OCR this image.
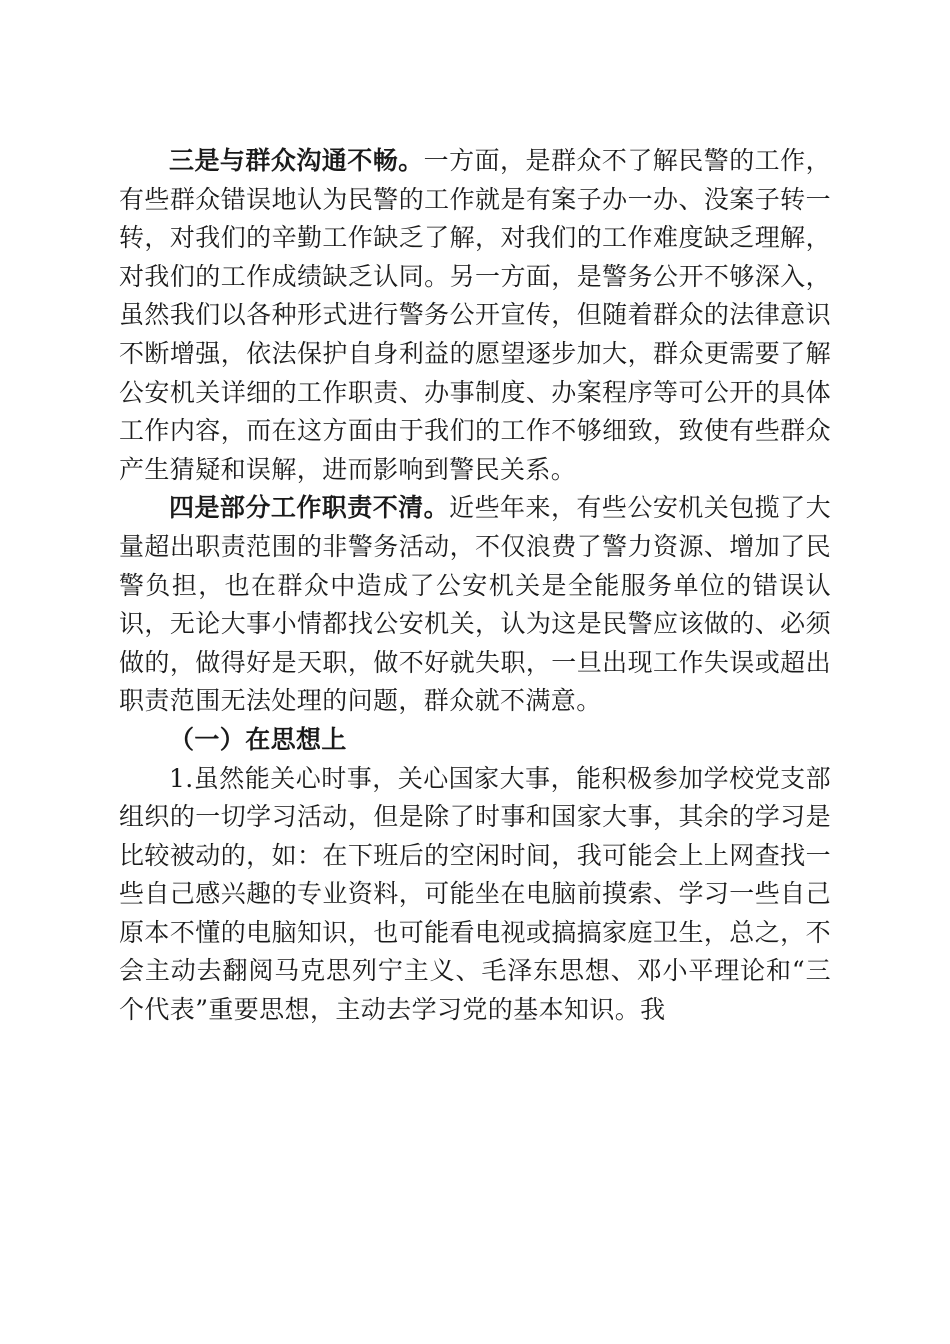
三是与群众沟通不畅。一方面，是群众不了解民警的工作，有些群众错误地认为民警的工作就是有案子办一办、没案子转一转，对我们的辛勤工作缺乏了解，对我们的工作难度缺乏理解，对我们的工作成绩缺乏认同。另一方面，是警务公开不够深入，虽然我们以各种形式进行警务公开宣传，但随着群众的法律意识不断增强，依法保护自身利益的愿望逐步加大，群众更需要了解公安机关详细的工作职责、办事制度、办案程序等可公开的具体工作内容，而在这方面由于我们的工作不够细致，致使有些群众产生猜疑和误解，进而影响到警民关系。

四是部分工作职责不清。近些年来，有些公安机关包揽了大量超出职责范围的非警务活动，不仅浪费了警力资源、增加了民警负担，也在群众中造成了公安机关是全能服务单位的错误认识，无论大事小情都找公安机关，认为这是民警应该做的、必须做的，做得好是天职，做不好就失职，一旦出现工作失误或超出职责范围无法处理的问题，群众就不满意。

（一）在思想上

1.虽然能关心时事，关心国家大事，能积极参加学校党支部组织的一切学习活动，但是除了时事和国家大事，其余的学习是比较被动的，如：在下班后的空闲时间，我可能会上上网查找一些自己感兴趣的专业资料，可能坐在电脑前摸索、学习一些自己原本不懂的电脑知识，也可能看电视或搞搞家庭卫生，总之，不会主动去翻阅马克思列宁主义、毛泽东思想、邓小平理论和“三个代表”重要思想，主动去学习党的基本知识。我
